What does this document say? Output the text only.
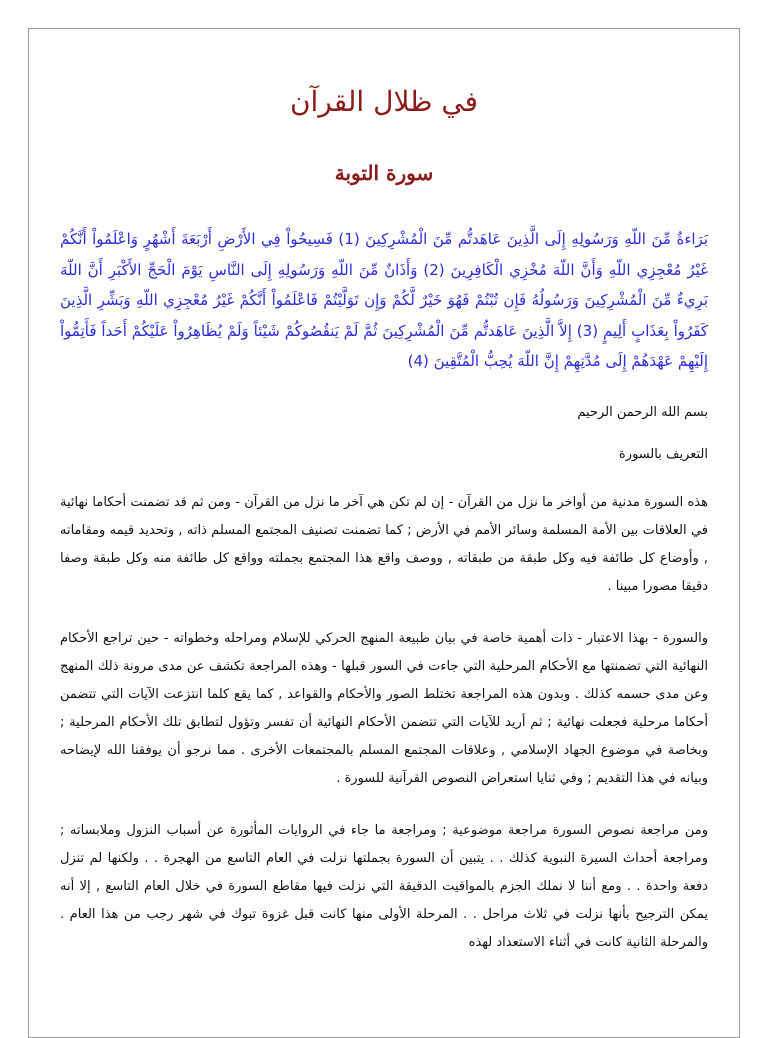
في ظلال القرآن
سورة التوبة

بَرَاءةٌ مِّنَ اللّهِ وَرَسُولِهِ إِلَى الَّذِينَ عَاهَدتُّم مِّنَ الْمُشْرِكِينَ (1) فَسِيحُواْ فِي الأَرْضِ أَرْبَعَةَ أَشْهُرٍ وَاعْلَمُواْ أَنَّكُمْ غَيْرُ مُعْجِزِي اللّهِ وَأَنَّ اللّهَ مُخْزِي الْكَافِرِينَ (2) وَأَذَانٌ مِّنَ اللّهِ وَرَسُولِهِ إِلَى النَّاسِ يَوْمَ الْحَجِّ الأَكْبَرِ أَنَّ اللّهَ بَرِيءٌ مِّنَ الْمُشْرِكِينَ وَرَسُولُهُ فَإِن تُبْتُمْ فَهُوَ خَيْرٌ لَّكُمْ وَإِن تَوَلَّيْتُمْ فَاعْلَمُواْ أَنَّكُمْ غَيْرُ مُعْجِزِي اللّهِ وَبَشِّرِ الَّذِينَ كَفَرُواْ بِعَذَابٍ أَلِيمٍ (3) إِلاَّ الَّذِينَ عَاهَدتُّم مِّنَ الْمُشْرِكِينَ ثُمَّ لَمْ يَنقُصُوكُمْ شَيْئاً وَلَمْ يُظَاهِرُواْ عَلَيْكُمْ أَحَداً فَأَتِمُّواْ إِلَيْهِمْ عَهْدَهُمْ إِلَى مُدَّتِهِمْ إِنَّ اللّهَ يُحِبُّ الْمُتَّقِينَ (4)

بسم الله الرحمن الرحيم

التعريف بالسورة

هذه السورة مدنية من أواخر ما نزل من القرآن - إن لم تكن هي آخر ما نزل من القرآن - ومن ثم قد تضمنت أحكاما نهائية في العلاقات بين الأمة المسلمة وسائر الأمم في الأرض ; كما تضمنت تصنيف المجتمع المسلم ذاته , وتحديد قيمه ومقاماته , وأوضاع كل طائفة فيه وكل طبقة من طبقاته , ووصف واقع هذا المجتمع بجملته وواقع كل طائفة منه وكل طبقة وصفا دقيقا مصورا مبينا .

والسورة - بهذا الاعتبار - ذات أهمية خاصة في بيان طبيعة المنهج الحركي للإسلام ومراحله وخطواته - حين تراجع الأحكام النهائية التي تضمنتها مع الأحكام المرحلية التي جاءت في السور قبلها - وهذه المراجعة تكشف عن مدى مرونة ذلك المنهج وعن مدى حسمه كذلك . وبدون هذه المراجعة تختلط الصور والأحكام والقواعد , كما يقع كلما انتزعت الآيات التي تتضمن أحكاما مرحلية فجعلت نهائية ; ثم أريد للآيات التي تتضمن الأحكام النهائية أن تفسر وتؤول لتطابق تلك الأحكام المرحلية ; وبخاصة في موضوع الجهاد الإسلامي , وعلاقات المجتمع المسلم بالمجتمعات الأخرى . مما نرجو أن يوفقنا الله لإيضاحه وبيانه في هذا التقديم ; وفي ثنايا استعراض النصوص القرآنية للسورة .

ومن مراجعة نصوص السورة مراجعة موضوعية ; ومراجعة ما جاء في الروايات المأثورة عن أسباب النزول وملابساته ; ومراجعة أحداث السيرة النبوية كذلك . . يتبين أن السورة بجملتها نزلت في العام التاسع من الهجرة . . ولكنها لم تنزل دفعة واحدة . . ومع أننا لا نملك الجزم بالمواقيت الدقيقة التي نزلت فيها مقاطع السورة في خلال العام التاسع , إلا أنه يمكن الترجيح بأنها نزلت في ثلاث مراحل . . المرحلة الأولى منها كانت قبل غزوة تبوك في شهر رجب من هذا العام . والمرحلة الثانية كانت في أثناء الاستعداد لهذه
